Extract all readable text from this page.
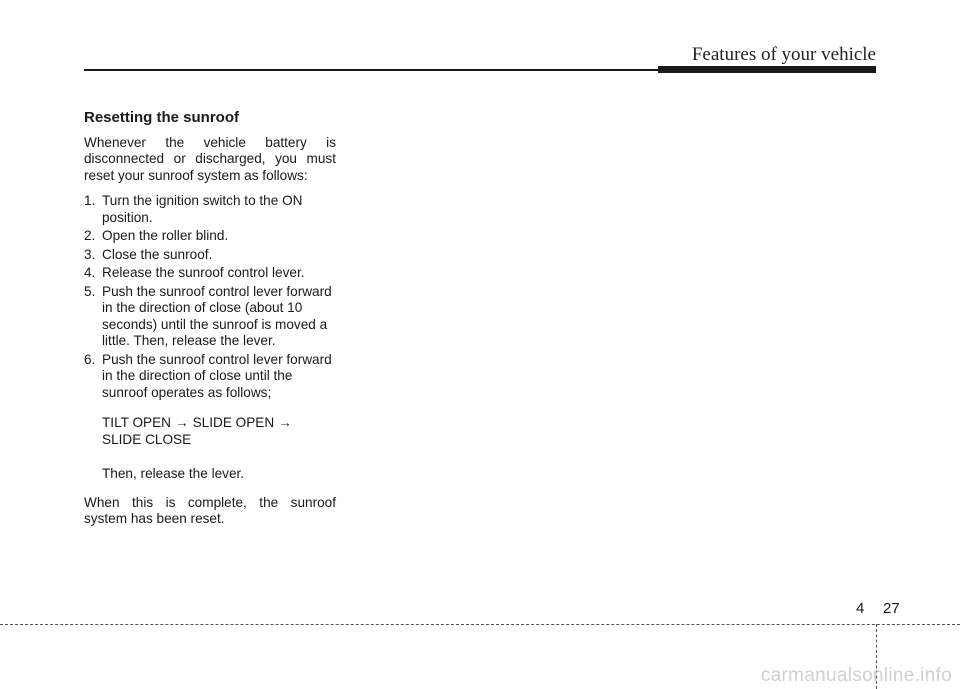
Features of your vehicle
Resetting the sunroof

Whenever the vehicle battery is disconnected or discharged, you must reset your sunroof system as follows:

1. Turn the ignition switch to the ON position.
2. Open the roller blind.
3. Close the sunroof.
4. Release the sunroof control lever.
5. Push the sunroof control lever forward in the direction of close (about 10 seconds) until the sunroof is moved a little. Then, release the lever.
6. Push the sunroof control lever forward in the direction of close until the sunroof operates as follows;
TILT OPEN → SLIDE OPEN →
SLIDE CLOSE
Then, release the lever.

When this is complete, the sunroof system has been reset.

4 27
carmanualsonline.info
